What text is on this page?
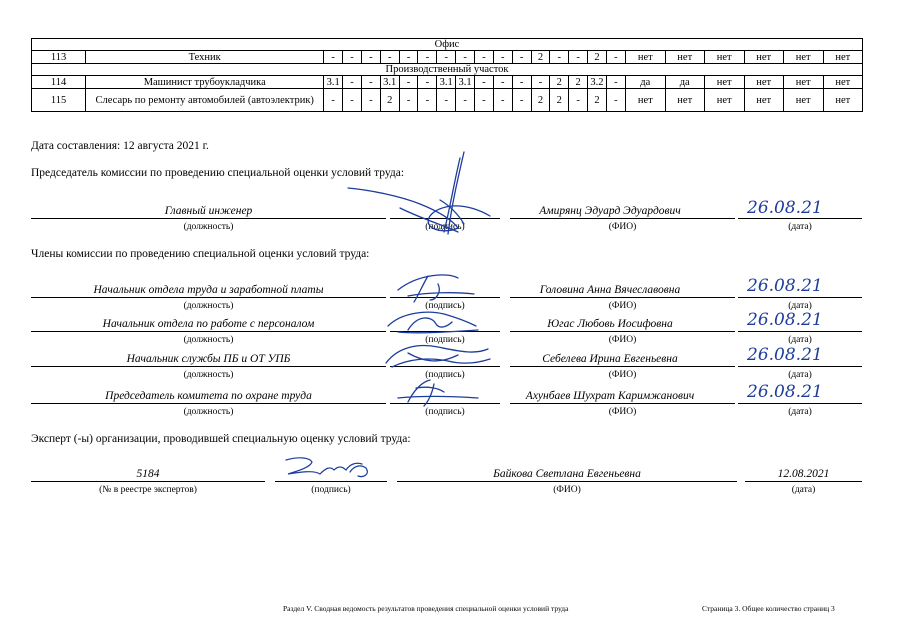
Офис																							
113	Техник	-	-	-	-	-	-	-	-	-	-	-	2	-	-	2	-	нет	нет	нет	нет	нет	нет
Производственный участок																							
114	Машинист трубоукладчика	3.1	-	-	3.1	-	-	3.1	3.1	-	-	-	-	2	2	3.2	-	да	да	нет	нет	нет	нет
115	Слесарь по ремонту автомобилей (автоэлектрик)	-	-	-	2	-	-	-	-	-	-	-	2	2	-	2	-	нет	нет	нет	нет	нет	нет
Дата составления: 12 августа 2021 г.
Председатель комиссии по проведению специальной оценки условий труда:
Главный инженер
(должность)	(подпись)
Амирянц Эдуард Эдуардович
(ФИО)	(дата)
26.08.21
Члены комиссии по проведению специальной оценки условий труда:
Начальник отдела труда и заработной платы
(должность)	(подпись)
Головина Анна Вячеславовна
(ФИО)	(дата)
26.08.21
Начальник отдела по работе с персоналом
(должность)	(подпись)
Югас Любовь Иосифовна
(ФИО)	(дата)
26.08.21
Начальник службы ПБ и ОТ УПБ
(должность)	(подпись)
Себелева Ирина Евгеньевна
(ФИО)	(дата)
26.08.21
Председатель комитета по охране труда
(должность)	(подпись)
Ахунбаев Шухрат Каримжанович
(ФИО)	(дата)
26.08.21
Эксперт (-ы) организации, проводившей специальную оценку условий труда:
5184
(№ в реестре экспертов)	(подпись)
Байкова Светлана Евгеньевна
(ФИО)
12.08.2021
(дата)
Раздел V. Сводная ведомость результатов проведения специальной оценки условий труда	Страница 3. Общее количество страниц 3
